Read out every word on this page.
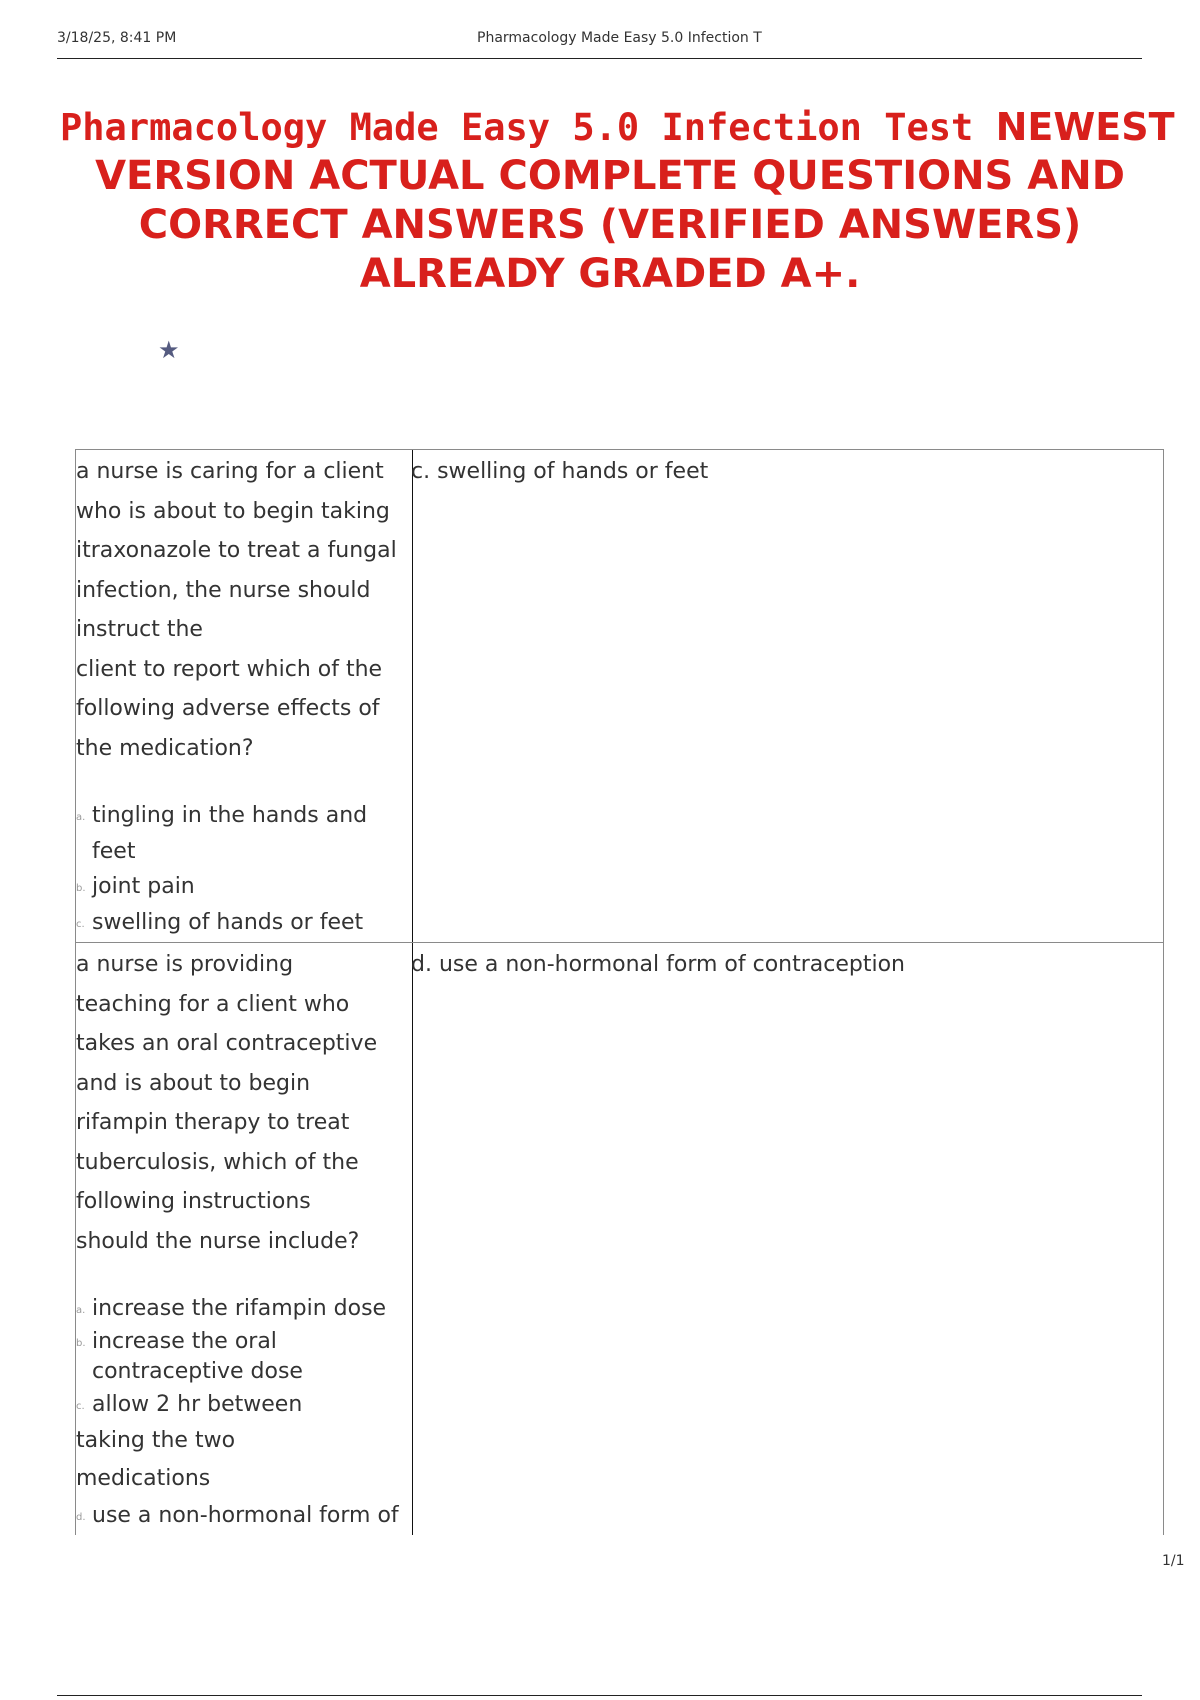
3/18/25, 8:41 PM	Pharmacology Made Easy 5.0 Infection T
Pharmacology Made Easy 5.0 Infection Test NEWEST
VERSION ACTUAL COMPLETE QUESTIONS AND
CORRECT ANSWERS (VERIFIED ANSWERS)
ALREADY GRADED A+.
★
a nurse is caring for a client
who is about to begin taking
itraxonazole to treat a fungal
infection, the nurse should
instruct the
client to report which of the
following adverse effects of
the medication?
a. tingling in the hands and feet
b. joint pain
c. swelling of hands or feet
c. swelling of hands or feet
a nurse is providing
teaching for a client who
takes an oral contraceptive
and is about to begin
rifampin therapy to treat
tuberculosis, which of the
following instructions
should the nurse include?
a. increase the rifampin dose
b. increase the oral
contraceptive dose
c. allow 2 hr between
taking the two
medications
d. use a non-hormonal form of
d. use a non-hormonal form of contraception
1/1
